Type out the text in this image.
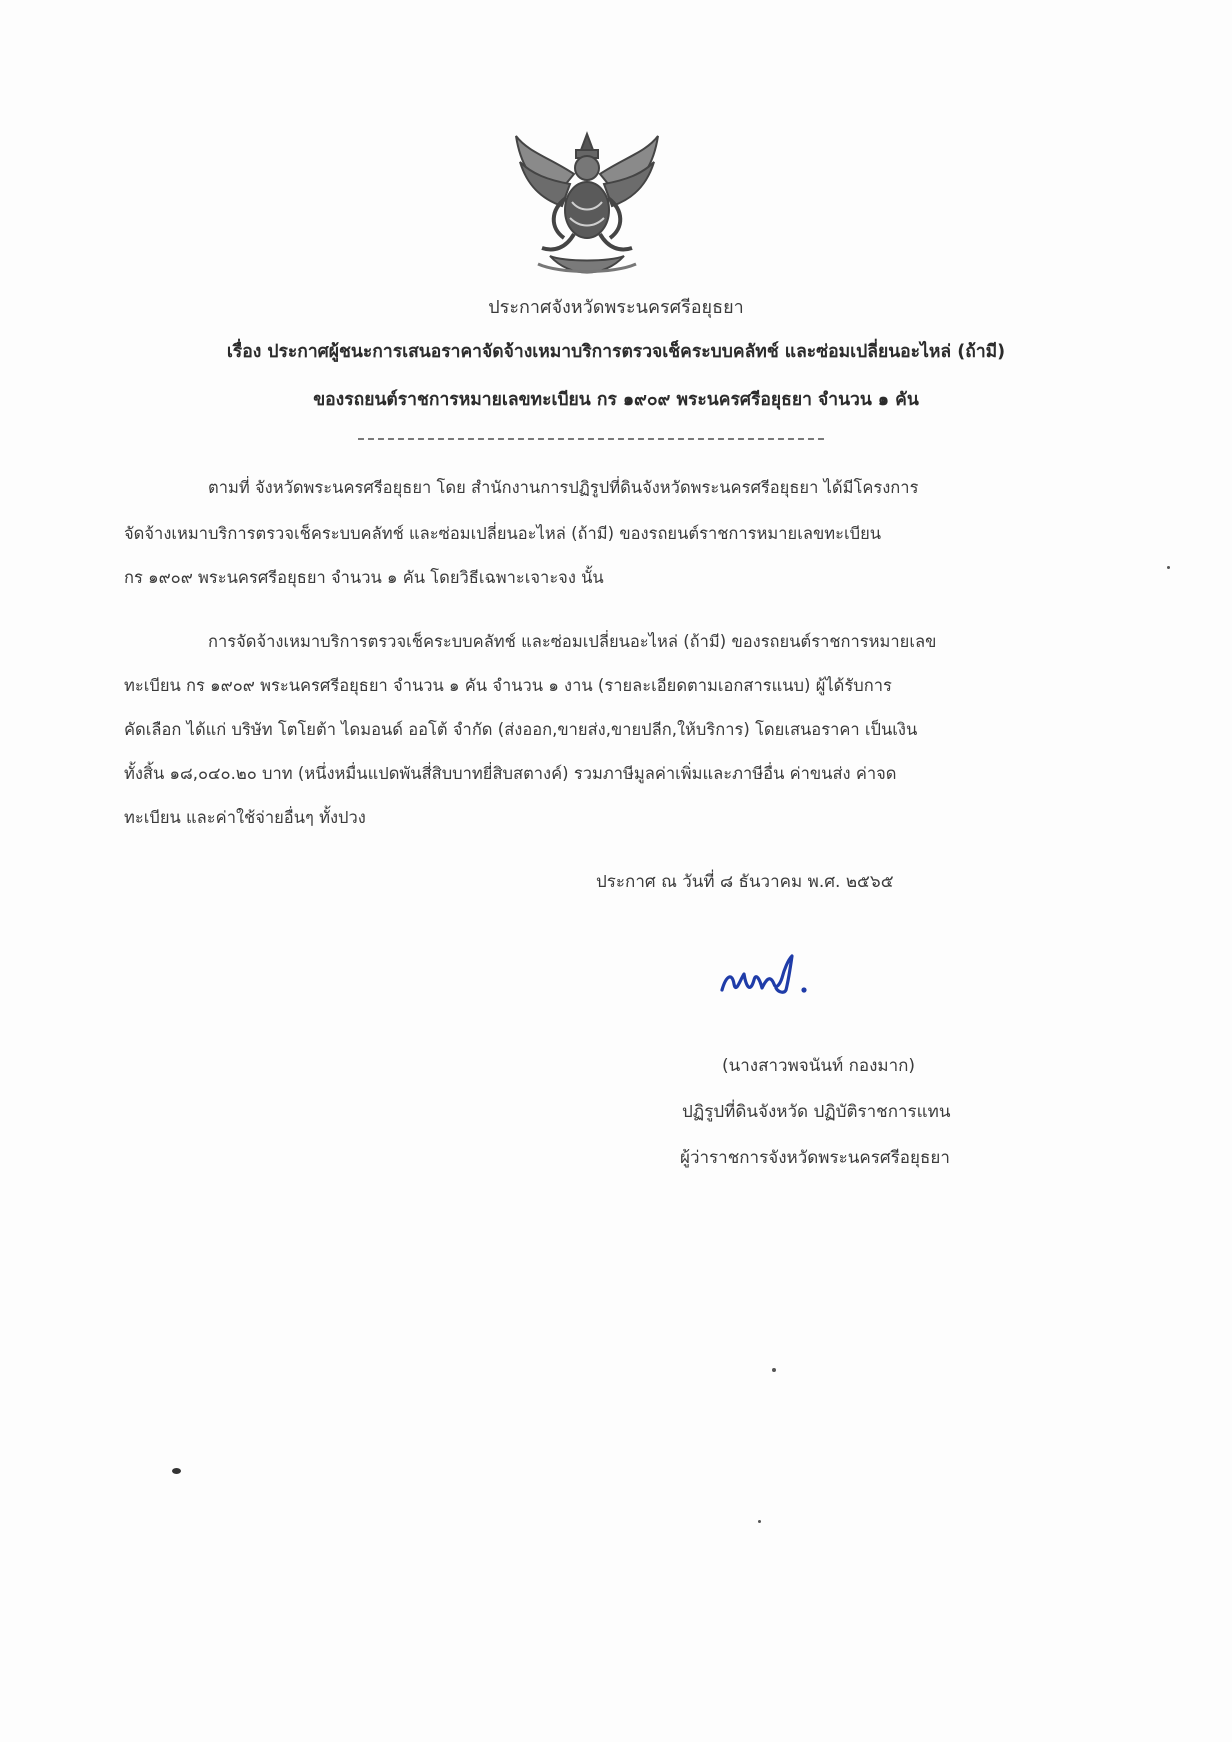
ประกาศจังหวัดพระนครศรีอยุธยา
เรื่อง ประกาศผู้ชนะการเสนอราคาจัดจ้างเหมาบริการตรวจเช็คระบบคลัทช์ และซ่อมเปลี่ยนอะไหล่ (ถ้ามี)
ของรถยนต์ราชการหมายเลขทะเบียน กร ๑๙๐๙ พระนครศรีอยุธยา จำนวน ๑ คัน
ตามที่ จังหวัดพระนครศรีอยุธยา โดย สำนักงานการปฏิรูปที่ดินจังหวัดพระนครศรีอยุธยา ได้มีโครงการ
จัดจ้างเหมาบริการตรวจเช็คระบบคลัทช์ และซ่อมเปลี่ยนอะไหล่ (ถ้ามี) ของรถยนต์ราชการหมายเลขทะเบียน
กร ๑๙๐๙ พระนครศรีอยุธยา จำนวน ๑ คัน โดยวิธีเฉพาะเจาะจง นั้น
การจัดจ้างเหมาบริการตรวจเช็คระบบคลัทช์ และซ่อมเปลี่ยนอะไหล่ (ถ้ามี) ของรถยนต์ราชการหมายเลข
ทะเบียน กร ๑๙๐๙ พระนครศรีอยุธยา จำนวน ๑ คัน จำนวน ๑ งาน (รายละเอียดตามเอกสารแนบ) ผู้ได้รับการ
คัดเลือก ได้แก่ บริษัท โตโยต้า ไดมอนด์ ออโต้ จำกัด (ส่งออก,ขายส่ง,ขายปลีก,ให้บริการ) โดยเสนอราคา เป็นเงิน
ทั้งสิ้น ๑๘,๐๔๐.๒๐ บาท (หนึ่งหมื่นแปดพันสี่สิบบาทยี่สิบสตางค์) รวมภาษีมูลค่าเพิ่มและภาษีอื่น ค่าขนส่ง ค่าจด
ทะเบียน และค่าใช้จ่ายอื่นๆ ทั้งปวง
ประกาศ ณ วันที่ ๘ ธันวาคม พ.ศ. ๒๕๖๕
(นางสาวพจนันท์ กองมาก)
ปฏิรูปที่ดินจังหวัด ปฏิบัติราชการแทน
ผู้ว่าราชการจังหวัดพระนครศรีอยุธยา
